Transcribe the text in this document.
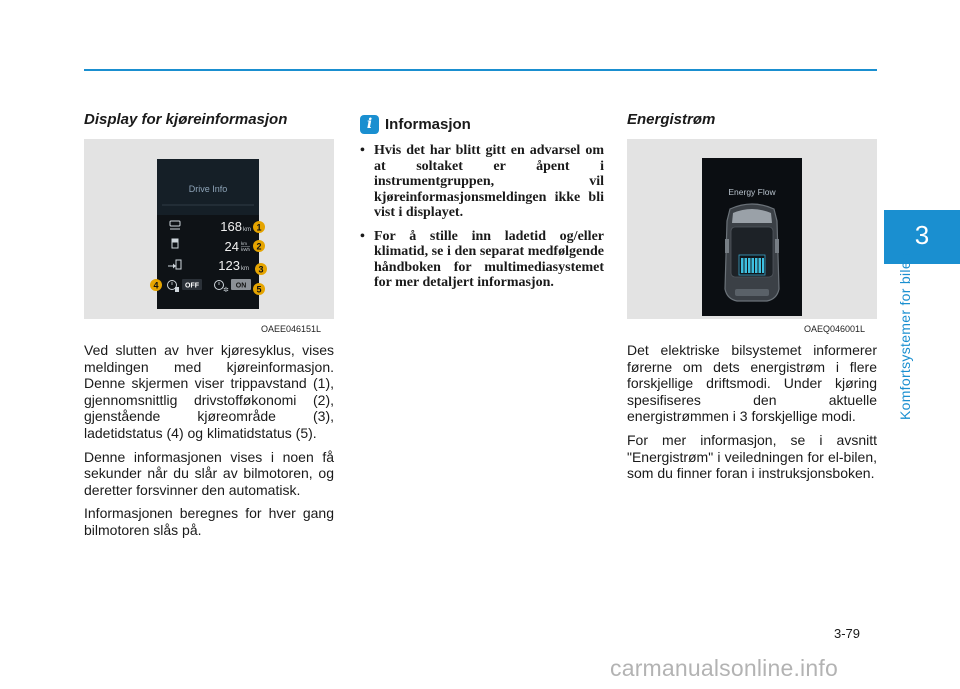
3
Komfortsystemer for bilen
Display for kjøreinformasjon
Drive Info
168 km
24 km
kWh
123 km
OFF
✲
ON
1
2
3
4	5
OAEE046151L

Ved slutten av hver kjøresyklus, vises meldingen med kjøreinformasjon. Denne skjermen viser trippavstand (1), gjennomsnittlig drivstofføkonomi (2), gjenstående kjøreområde (3), ladetidstatus (4) og klimatidstatus (5).

Denne informasjonen vises i noen få sekunder når du slår av bilmotoren, og deretter forsvinner den automatisk.

Informasjonen beregnes for hver gang bilmotoren slås på.

i Informasjon
• Hvis det har blitt gitt en advarsel om at soltaket er åpent i instrumentgruppen, vil kjøreinformasjonsmeldingen ikke bli vist i displayet.
• For å stille inn ladetid og/eller klimatid, se i den separat medfølgende håndboken for multimediasystemet for mer detaljert informasjon.
Energistrøm
Energy Flow
OAEQ046001L

Det elektriske bilsystemet informerer førerne om dets energistrøm i flere forskjellige driftsmodi. Under kjøring spesifiseres den aktuelle energistrømmen i 3 forskjellige modi.

For mer informasjon, se i avsnitt "Energistrøm" i veiledningen for el-bilen, som du finner foran i instruksjonsboken.

3-79
carmanualsonline.info
